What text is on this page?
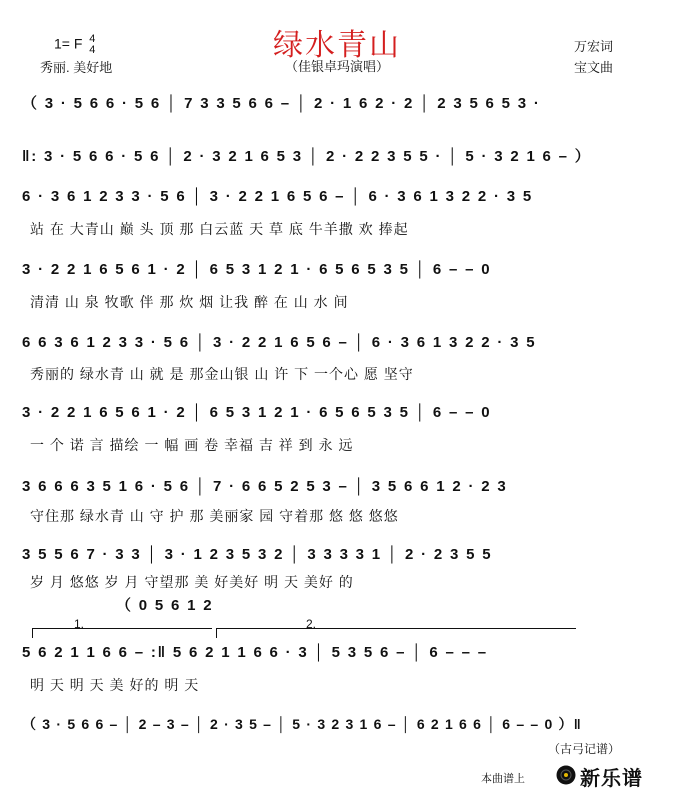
1= F 4
4	绿水青山
（佳银卓玛演唱）
秀丽. 美好地
万宏词
宝文曲
（ 3 · 5 6 6 · 5 6 │ 7 3 3 5 6 6 – │ 2 · 1 6 2 · 2 │ 2 3 5 6 5 3 ·
‖: 3 · 5 6 6 · 5 6 │ 2 · 3 2 1 6 5 3 │ 2 · 2 2 3 5 5 · │ 5 · 3 2 1 6 – ）
6 · 3 6 1 2 3 3 · 5 6 │ 3 · 2 2 1 6 5 6 – │ 6 · 3 6 1 3 2 2 · 3 5
站 在 大青山 巅 头 顶 那 白云蓝 天 草 底 牛羊撒 欢 捧起
3 · 2 2 1 6 5 6 1 · 2 │ 6 5 3 1 2 1 · 6 5 6 5 3 5 │ 6 – – 0
清清 山 泉 牧歌 伴 那 炊 烟 让我 醉 在 山 水 间
6 6 3 6 1 2 3 3 · 5 6 │ 3 · 2 2 1 6 5 6 – │ 6 · 3 6 1 3 2 2 · 3 5
秀丽的 绿水青 山 就 是 那金山银 山 许 下 一个心 愿 坚守
3 · 2 2 1 6 5 6 1 · 2 │ 6 5 3 1 2 1 · 6 5 6 5 3 5 │ 6 – – 0
一 个 诺 言 描绘 一 幅 画 卷 幸福 吉 祥 到 永 远
3 6 6 6 3 5 1 6 · 5 6 │ 7 · 6 6 5 2 5 3 – │ 3 5 6 6 1 2 · 2 3
守住那 绿水青 山 守 护 那 美丽家 园 守着那 悠 悠 悠悠
3 5 5 6 7 · 3 3 │ 3 · 1 2 3 5 3 2 │ 3 3 3 3 1 │ 2 · 2 3 5 5
岁 月 悠悠 岁 月 守望那 美 好美好 明 天 美好 的
（ 0 5 6 1 2
1.	2.
5 6 2 1 1 6 6 – :‖ 5 6 2 1 1 6 6 · 3 │ 5 3 5 6 – │ 6 – – –
明 天 明 天 美 好的 明 天
（ 3 · 5 6 6 – │ 2 – 3 – │ 2 · 3 5 – │ 5 · 3 2 3 1 6 – │ 6 2 1 6 6 │ 6 – – 0 ）‖
（古弓记谱）
本曲谱上	新乐谱
